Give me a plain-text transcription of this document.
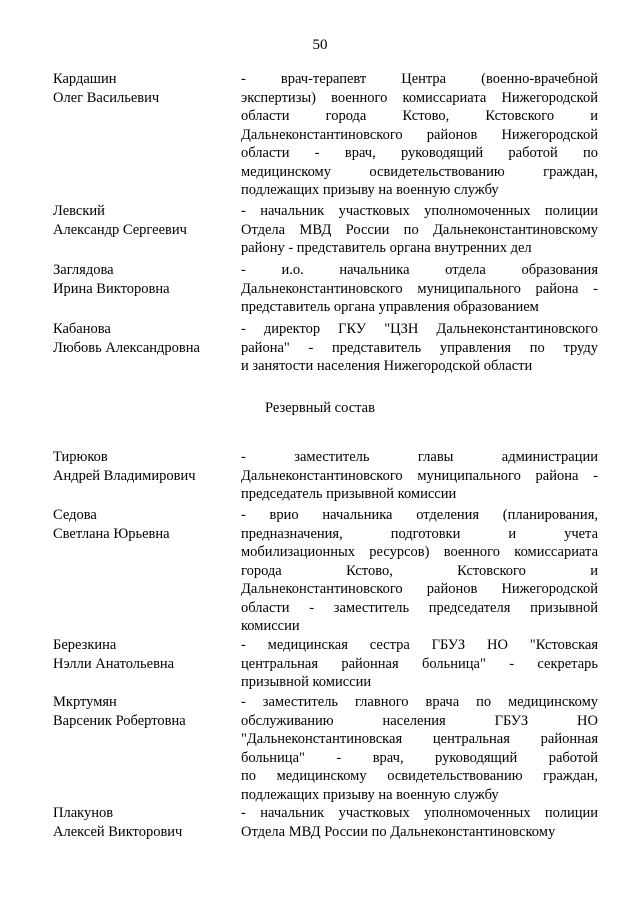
50
Кардашин
Олег Васильевич
- врач-терапевт Центра (военно-врачебной
экспертизы) военного комиссариата Нижегородской
области города Кстово, Кстовского и
Дальнеконстантиновского районов Нижегородской
области - врач, руководящий работой по
медицинскому освидетельствованию граждан,
подлежащих призыву на военную службу
Левский
Александр Сергеевич
- начальник участковых уполномоченных полиции
Отдела МВД России по Дальнеконстантиновскому
району - представитель органа внутренних дел
Заглядова
Ирина Викторовна
- и.о. начальника отдела образования
Дальнеконстантиновского муниципального района -
представитель органа управления образованием
Кабанова
Любовь Александровна
- директор ГКУ "ЦЗН Дальнеконстантиновского
района" - представитель управления по труду
и занятости населения Нижегородской области
Резервный состав
Тирюков
Андрей Владимирович
- заместитель главы администрации
Дальнеконстантиновского муниципального района -
председатель призывной комиссии
Седова
Светлана Юрьевна
- врио начальника отделения (планирования,
предназначения, подготовки и учета
мобилизационных ресурсов) военного комиссариата
города Кстово, Кстовского и
Дальнеконстантиновского районов Нижегородской
области - заместитель председателя призывной
комиссии
Березкина
Нэлли Анатольевна
- медицинская сестра ГБУЗ НО "Кстовская
центральная районная больница" - секретарь
призывной комиссии
Мкртумян
Варсеник Робертовна
- заместитель главного врача по медицинскому
обслуживанию населения ГБУЗ НО
"Дальнеконстантиновская центральная районная
больница" - врач, руководящий работой
по медицинскому освидетельствованию граждан,
подлежащих призыву на военную службу
Плакунов
Алексей Викторович
- начальник участковых уполномоченных полиции
Отдела МВД России по Дальнеконстантиновскому
